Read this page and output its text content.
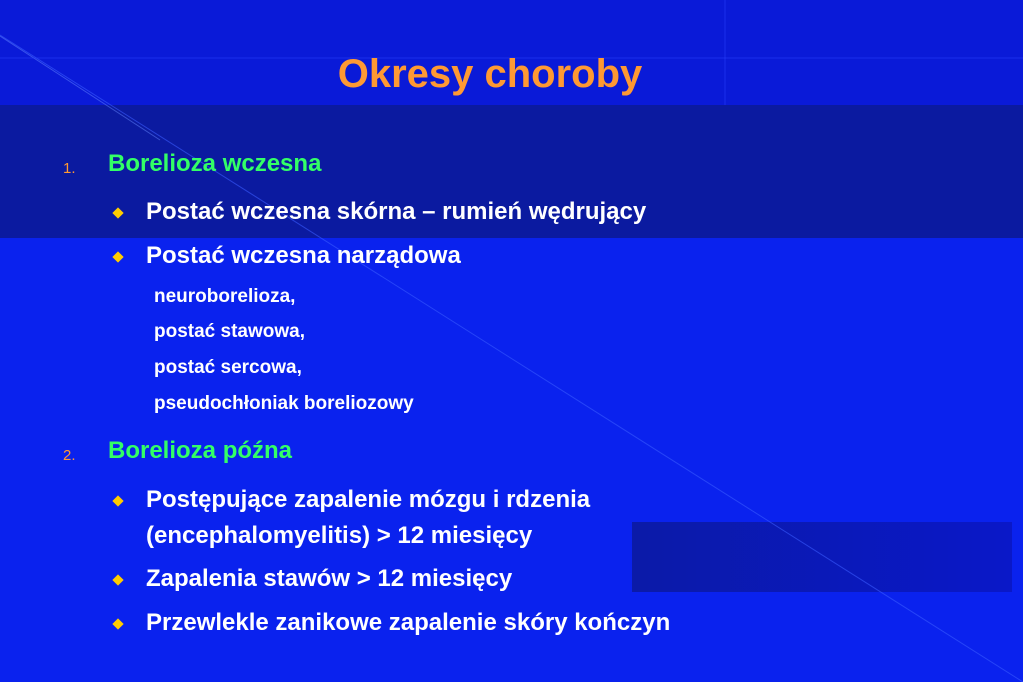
Okresy choroby
1. Borelioza wczesna
Postać wczesna skórna – rumień wędrujący
Postać wczesna narządowa
neuroborelioza,
postać stawowa,
postać sercowa,
pseudochłoniak boreliozowy
2. Borelioza późna
Postępujące zapalenie mózgu i rdzenia
(encephalomyelitis) > 12 miesięcy
Zapalenia stawów > 12 miesięcy
Przewlekle zanikowe zapalenie skóry kończyn
